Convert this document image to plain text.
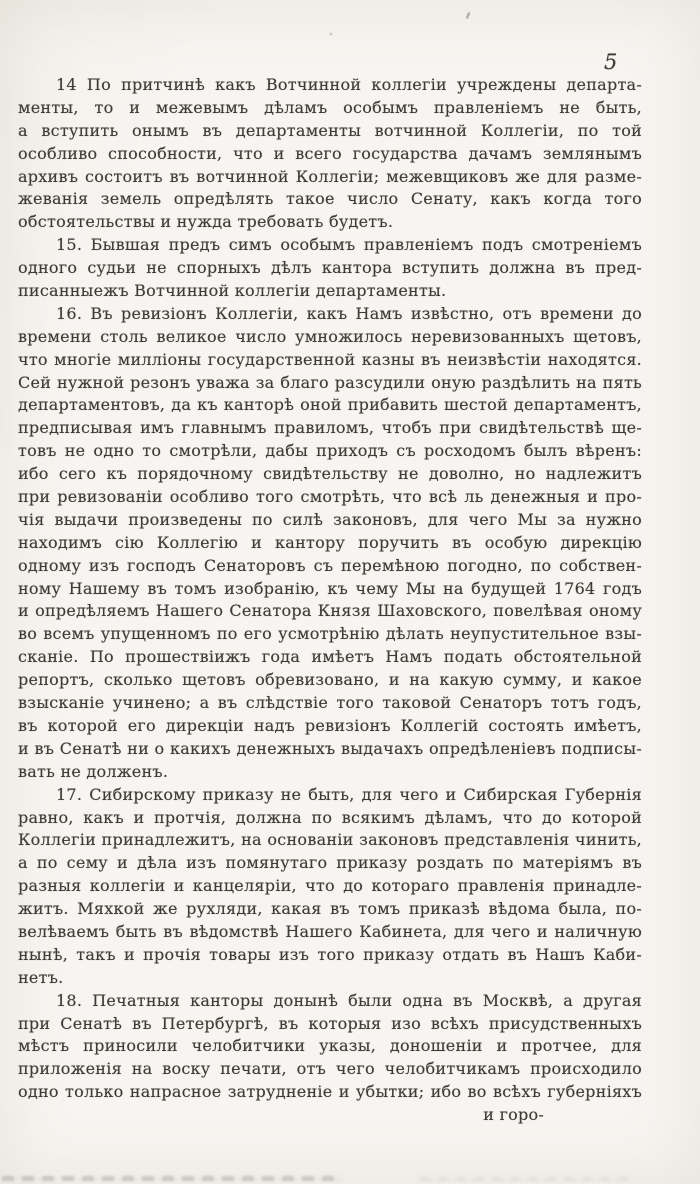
5

14 По притчинѣ какъ Вотчинной коллегіи учреждены департа-
менты, то и межевымъ дѣламъ особымъ правленіемъ не быть,
а вступить онымъ въ департаменты вотчинной Коллегіи, по той
особливо способности, что и всего государства дачамъ землянымъ
архивъ состоитъ въ вотчинной Коллегіи; межевщиковъ же для разме-
жеванія земель опредѣлять такое число Сенату, какъ когда того
обстоятельствы и нужда требовать будетъ.

15. Бывшая предъ симъ особымъ правленіемъ подъ смотреніемъ
одного судьи не спорныхъ дѣлъ кантора вступить должна въ пред-
писанныежъ Вотчинной коллегіи департаменты.

16. Въ ревизіонъ Коллегіи, какъ Намъ извѣстно, отъ времени до
времени столь великое число умножилось неревизованныхъ щетовъ,
что многіе милліоны государственной казны въ неизвѣстіи находятся.
Сей нужной резонъ уважа за благо разсудили оную раздѣлить на пять
департаментовъ, да къ канторѣ оной прибавить шестой департаментъ,
предписывая имъ главнымъ правиломъ, чтобъ при свидѣтельствѣ ще-
товъ не одно то смотрѣли, дабы приходъ съ росходомъ былъ вѣренъ:
ибо сего къ порядочному свидѣтельству не доволно, но надлежитъ
при ревизованіи особливо того смотрѣть, что всѣ ль денежныя и про-
чія выдачи произведены по силѣ законовъ, для чего Мы за нужно
находимъ сію Коллегію и кантору поручить въ особую дирекцію
одному изъ господъ Сенаторовъ съ перемѣною погодно, по собствен-
ному Нашему въ томъ изобранію, къ чему Мы на будущей 1764 годъ
и опредѣляемъ Нашего Сенатора Князя Шаховского, повелѣвая оному
во всемъ упущенномъ по его усмотрѣнію дѣлать неупустительное взы-
сканіе. По прошествіижъ года имѣетъ Намъ подать обстоятельной
репортъ, сколько щетовъ обревизовано, и на какую сумму, и какое
взысканіе учинено; а въ слѣдствіе того таковой Сенаторъ тотъ годъ,
въ которой его дирекціи надъ ревизіонъ Коллегій состоять имѣетъ,
и въ Сенатѣ ни о какихъ денежныхъ выдачахъ опредѣленіевъ подписы-
вать не долженъ.

17. Сибирскому приказу не быть, для чего и Сибирская Губернія
равно, какъ и протчія, должна по всякимъ дѣламъ, что до которой
Коллегіи принадлежитъ, на основаніи законовъ представленія чинить,
а по сему и дѣла изъ помянутаго приказу роздать по матеріямъ въ
разныя коллегіи и канцеляріи, что до котораго правленія принадле-
житъ. Мяхкой же рухляди, какая въ томъ приказѣ вѣдома была, по-
велѣваемъ быть въ вѣдомствѣ Нашего Кабинета, для чего и наличную
нынѣ, такъ и прочія товары изъ того приказу отдать въ Нашъ Каби-
нетъ.

18. Печатныя канторы донынѣ были одна въ Москвѣ, а другая
при Сенатѣ въ Петербургѣ, въ которыя изо всѣхъ присудственныхъ
мѣстъ приносили челобитчики указы, доношеніи и протчее, для
приложенія на воску печати, отъ чего челобитчикамъ происходило
одно только напрасное затрудненіе и убытки; ибо во всѣхъ губерніяхъ

и горо-
